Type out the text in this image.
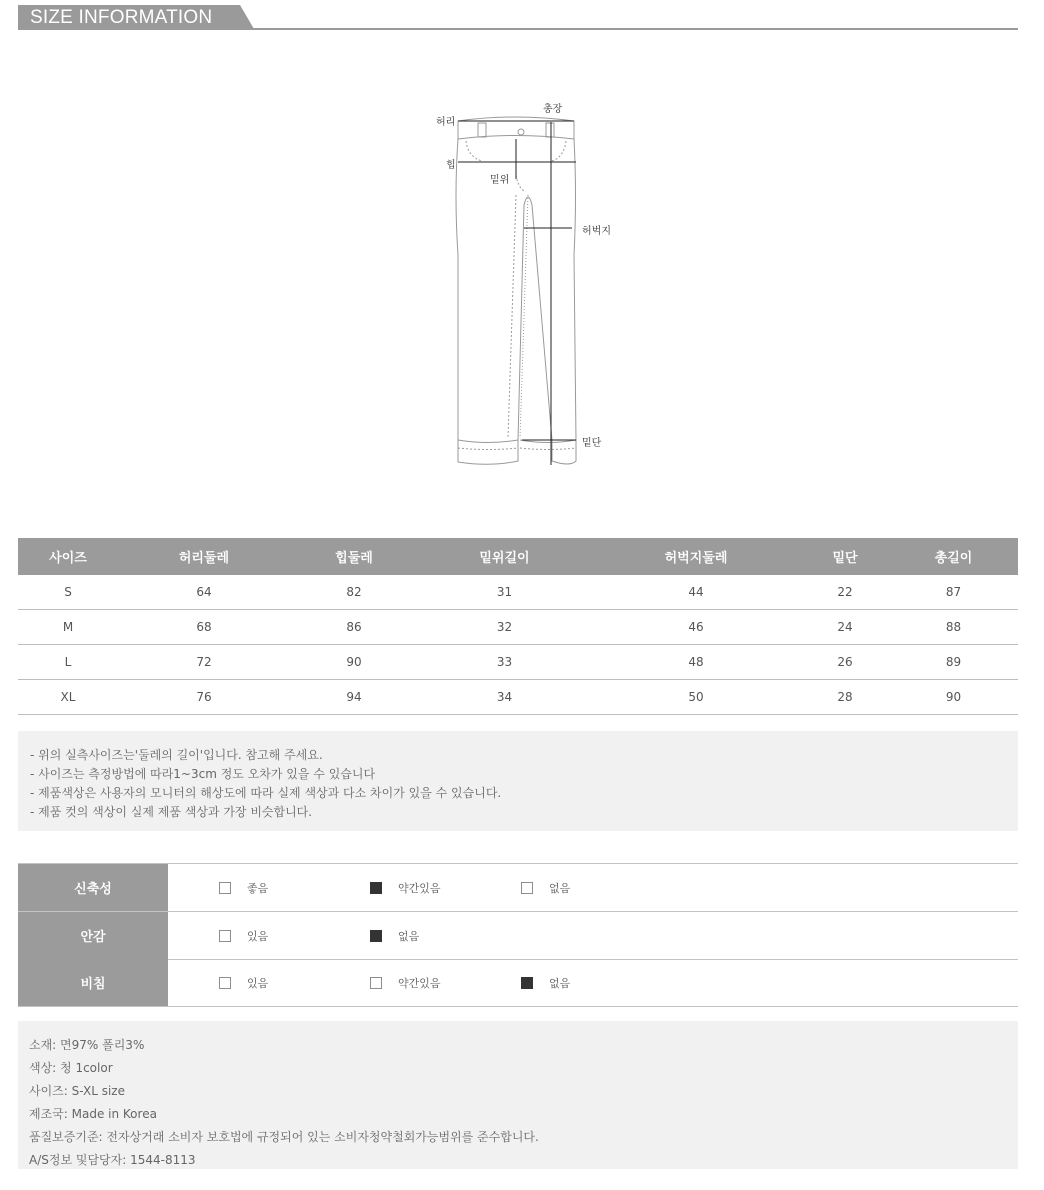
SIZE INFORMATION
허리
총장
힙
밑위
허벅지
밑단
사이즈	허리둘레	힙둘레	밑위길이	허벅지둘레	밑단	총길이
S	64	82	31	44	22	87
M	68	86	32	46	24	88
L	72	90	33	48	26	89
XL	76	94	34	50	28	90
- 위의 실측사이즈는'둘레의 길이'입니다. 참고해 주세요.
- 사이즈는 측정방법에 따라1~3cm 정도 오차가 있을 수 있습니다
- 제품색상은 사용자의 모니터의 해상도에 따라 실제 색상과 다소 차이가 있을 수 있습니다.
- 제품 컷의 색상이 실제 제품 색상과 가장 비슷합니다.
신축성	좋음	약간있음	없음
안감	있음	없음
비침	있음	약간있음	없음
소재: 면97% 폴리3%
색상: 청 1color
사이즈: S-XL size
제조국: Made in Korea
품질보증기준: 전자상거래 소비자 보호법에 규정되어 있는 소비자청약철회가능범위를 준수합니다.
A/S정보 및담당자: 1544-8113
